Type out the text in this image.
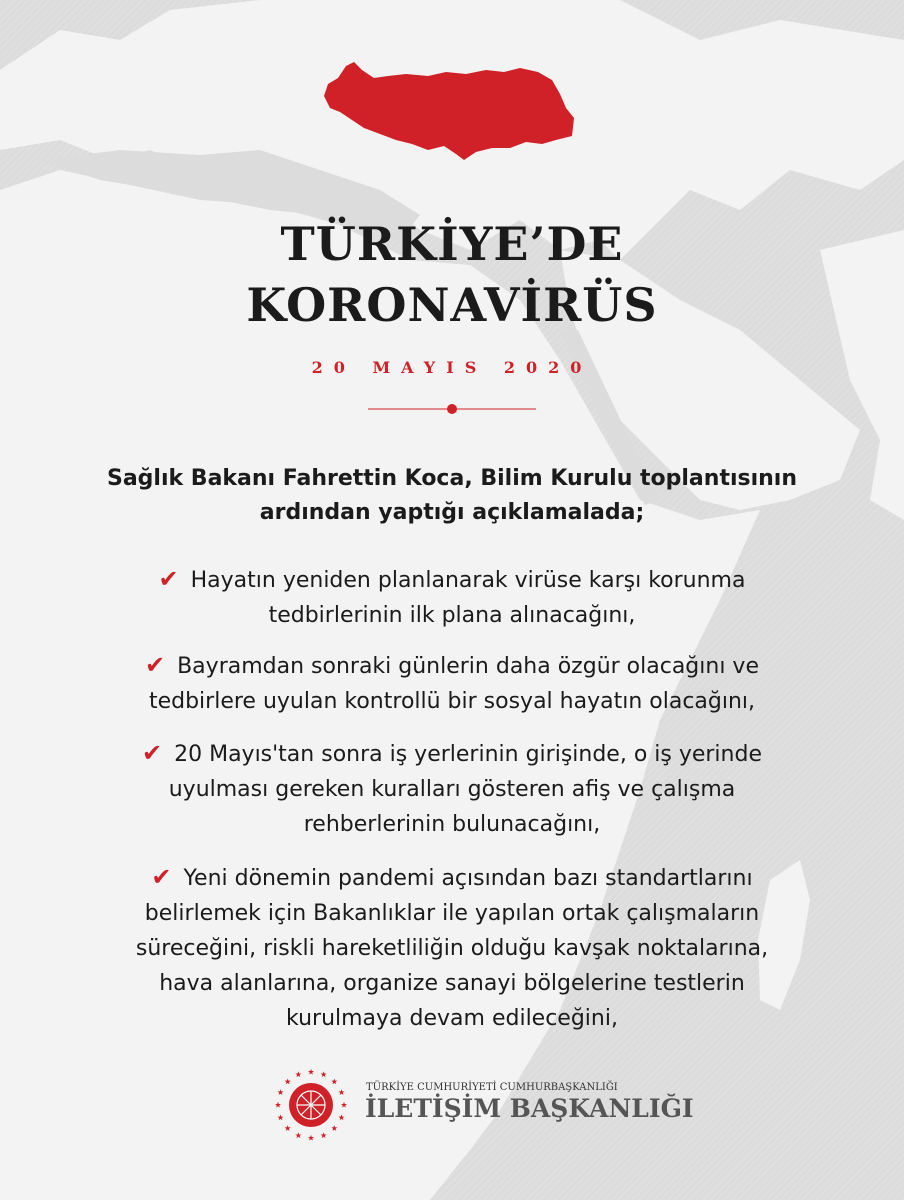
TÜRKİYE’DE
KORONAVİRÜS
20 MAYIS 2020
Sağlık Bakanı Fahrettin Koca, Bilim Kurulu toplantısının
ardından yaptığı açıklamalada;
✔ Hayatın yeniden planlanarak virüse karşı korunma
tedbirlerinin ilk plana alınacağını,
✔ Bayramdan sonraki günlerin daha özgür olacağını ve
tedbirlere uyulan kontrollü bir sosyal hayatın olacağını,
✔ 20 Mayıs'tan sonra iş yerlerinin girişinde, o iş yerinde
uyulması gereken kuralları gösteren afiş ve çalışma
rehberlerinin bulunacağını,
✔ Yeni dönemin pandemi açısından bazı standartlarını
belirlemek için Bakanlıklar ile yapılan ortak çalışmaların
süreceğini, riskli hareketliliğin olduğu kavşak noktalarına,
hava alanlarına, organize sanayi bölgelerine testlerin
kurulmaya devam edileceğini,
TÜRKİYE CUMHURİYETİ CUMHURBAŞKANLIĞI
İLETİŞİM BAŞKANLIĞI
